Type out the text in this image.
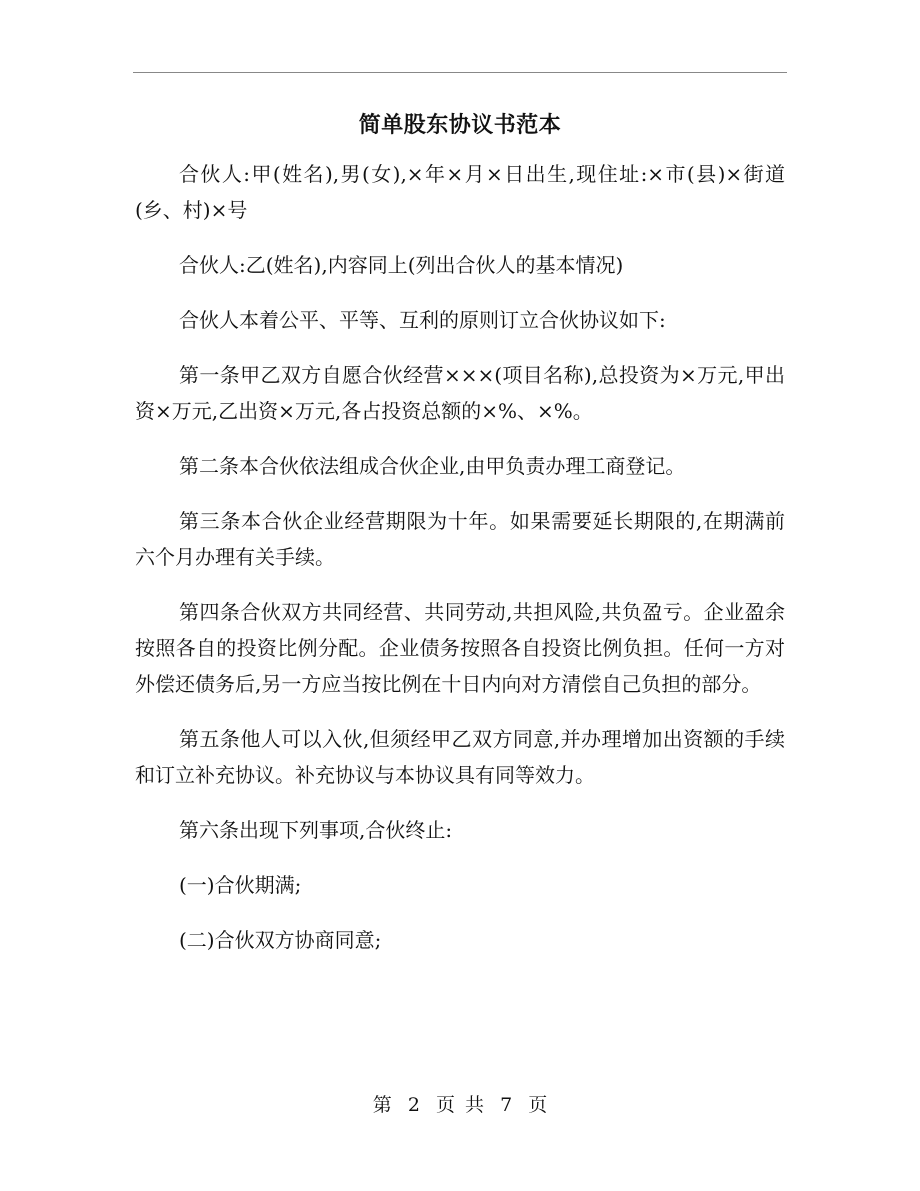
简单股东协议书范本

合伙人:甲(姓名),男(女),×年×月×日出生,现住址:×市(县)×街道(乡、村)×号

合伙人:乙(姓名),内容同上(列出合伙人的基本情况)

合伙人本着公平、平等、互利的原则订立合伙协议如下:

第一条甲乙双方自愿合伙经营×××(项目名称),总投资为×万元,甲出资×万元,乙出资×万元,各占投资总额的×%、×%。

第二条本合伙依法组成合伙企业,由甲负责办理工商登记。

第三条本合伙企业经营期限为十年。如果需要延长期限的,在期满前六个月办理有关手续。

第四条合伙双方共同经营、共同劳动,共担风险,共负盈亏。企业盈余按照各自的投资比例分配。企业债务按照各自投资比例负担。任何一方对外偿还债务后,另一方应当按比例在十日内向对方清偿自己负担的部分。

第五条他人可以入伙,但须经甲乙双方同意,并办理增加出资额的手续和订立补充协议。补充协议与本协议具有同等效力。

第六条出现下列事项,合伙终止:

(一)合伙期满;

(二)合伙双方协商同意;

第 2 页 共 7 页
